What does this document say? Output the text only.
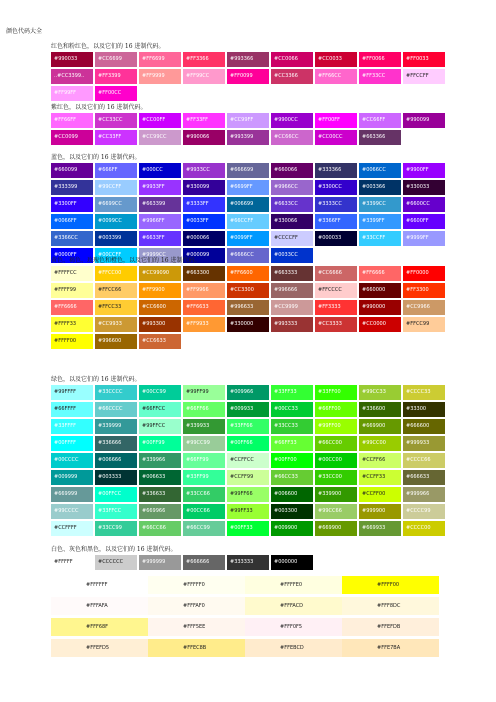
颜色代码大全
红色和粉红色，以及它们的 16 进制代码。
#990033	#CC6699	#FF6699	#FF3366	#993366	#CC0066	#CC0033	#FF0066	#FF0033
..#CC3399..	#FF3399	#FF9999	#FF99CC	#FF0099	#CC3366	#FF66CC	#FF33CC	#FFCCFF
#FF99FF	#FF00CC
紫红色，以及它们的 16 进制代码。
#FF66FF	#CC33CC	#CC00FF	#FF33FF	#CC99FF	#9900CC	#FF00FF	#CC66FF	#990099
#CC0099	#CC33FF	#CC99CC	#990066	#993399	#CC66CC	#CC00CC	#663366
蓝色，以及它们的 16 进制代码。
#660099	#666FF	#000CC	#9933CC	#666699	#660066	#333366	#0066CC	#9900FF
#333399	#99CCFF	#9933FF	#330099	#6699FF	#9966CC	#3300CC	#003366	#330033
#3300FF	#6699CC	#663399	#3333FF	#006699	#6633CC	#3333CC	#3399CC	#6600CC
#0066FF	#0099CC	#9966FF	#0033FF	#66CCFF	#330066	#3366FF	#3399FF	#6600FF
#3366CC	#003399	#6633FF	#000066	#0099FF	#CCCCFF	#000033	#33CCFF	#9999FF
#0000FF	#00CCFF	#9999CC	#000099	#6666CC	#0033CC
黄色、褐色、玫瑰色和橙色，以及它们的 16 进制代码。
#FFFFCC	#FFCC00	#CC99090	#663300	#FF6600	#663333	#CC6666	#FF6666	#FF0000
#FFFF99	#FFCC66	#FF9900	#FF9966	#CC3300	#996666	#FFCCCC	#660000	#FF3300
#FF6666	#FFCC33	#CC6600	#FF6633	#996633	#CC9999	#FF3333	#990000	#CC9966
#FFFF33	#CC9933	#993300	#FF9933	#330000	#993333	#CC3333	#CC0000	#FFCC99
#FFFF00	#996600	#CC6633
绿色，以及它们的 16 进制代码。
#99FFFF	#33CCCC	#00CC99	#99FF99	#009966	#33FF33	#33FF00	#99CC33	#CCCC33
#66FFFF	#66CCCC	#66FFCC	#66FF66	#009933	#00CC33	#66FF00	#336600	#33300
#33FFFF	#339999	#99FFCC	#339933	#33FF66	#33CC33	#99FF00	#669900	#666600
#00FFFF	#336666	#00FF99	#99CC99	#00FF66	#66FF33	#66CC00	#99CC00	#999933
#00CCCC	#006666	#339966	#66FF99	#CCFFCC	#00FF00	#00CC00	#CCFF66	#CCCC66
#009999	#003333	#006633	#33FF99	#CCFF99	#66CC33	#33CC00	#CCFF33	#666633
#669999	#00FFCC	#336633	#33CC66	#99FF66	#006600	#339900	#CCFF00	#999966
#99CCCC	#33FFCC	#669966	#00CC66	#99FF33	#003300	#99CC66	#999900	#CCCC99
#CCFFFF	#33CC99	#66CC66	#66CC99	#00FF33	#009900	#669900	#669933	#CCCC00
白色、灰色和黑色，以及它们的 16 进制代码。
#FFFFF	#CCCCCC	#999999	#666666	#333333	#000000
#FFFFFF	#FFFFF0	#FFFFE0	#FFFF00
#FFFAFA	#FFFAF0	#FFFACD	#FFF8DC
#FFF68F	#FFF5EE	#FFF0F5	#FFEFDB
#FFEFD5	#FFEC8B	#FFEBCD	#FFE7BA
